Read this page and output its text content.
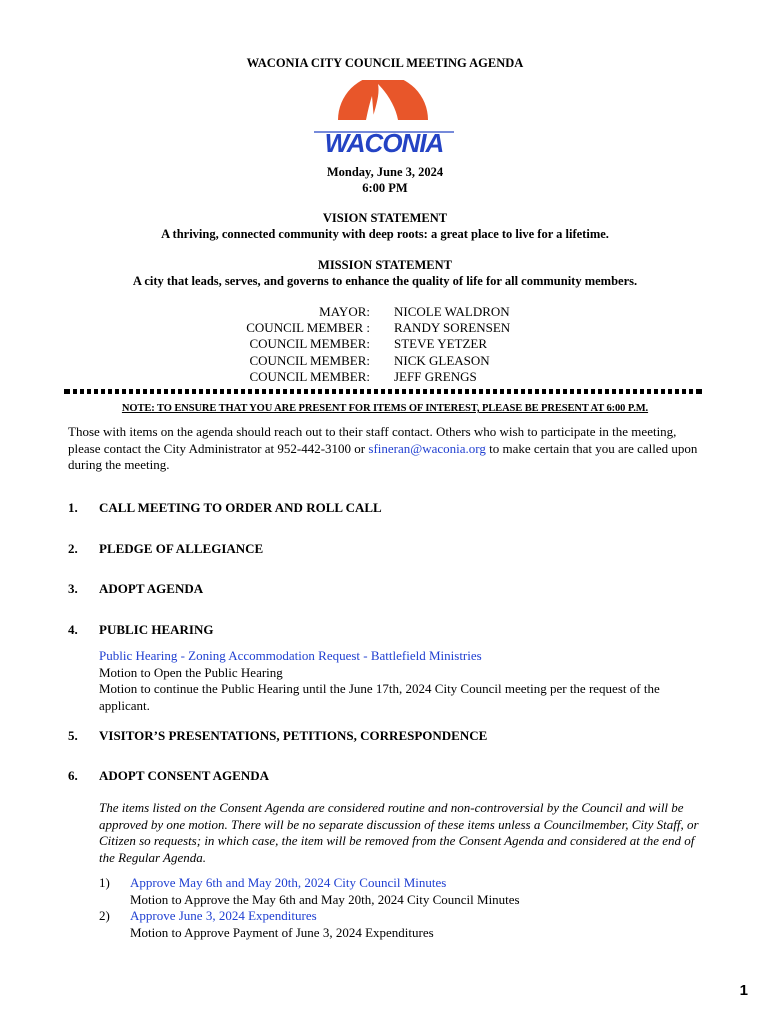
WACONIA CITY COUNCIL MEETING AGENDA
WACONIA
Monday, June 3, 2024
6:00 PM
VISION STATEMENT
A thriving, connected community with deep roots: a great place to live for a lifetime.
MISSION STATEMENT
A city that leads, serves, and governs to enhance the quality of life for all community members.
MAYOR: NICOLE WALDRON
COUNCIL MEMBER : RANDY SORENSEN
COUNCIL MEMBER: STEVE YETZER
COUNCIL MEMBER: NICK GLEASON
COUNCIL MEMBER: JEFF GRENGS
NOTE: TO ENSURE THAT YOU ARE PRESENT FOR ITEMS OF INTEREST, PLEASE BE PRESENT AT 6:00 P.M.
Those with items on the agenda should reach out to their staff contact. Others who wish to participate in the meeting, please contact the City Administrator at 952-442-3100 or sfineran@waconia.org to make certain that you are called upon during the meeting.
1. CALL MEETING TO ORDER AND ROLL CALL
2. PLEDGE OF ALLEGIANCE
3. ADOPT AGENDA
4. PUBLIC HEARING
Public Hearing - Zoning Accommodation Request - Battlefield Ministries
Motion to Open the Public Hearing
Motion to continue the Public Hearing until the June 17th, 2024 City Council meeting per the request of the applicant.
5. VISITOR’S PRESENTATIONS, PETITIONS, CORRESPONDENCE
6. ADOPT CONSENT AGENDA
The items listed on the Consent Agenda are considered routine and non-controversial by the Council and will be approved by one motion. There will be no separate discussion of these items unless a Councilmember, City Staff, or Citizen so requests; in which case, the item will be removed from the Consent Agenda and considered at the end of the Regular Agenda.
1) Approve May 6th and May 20th, 2024 City Council Minutes
Motion to Approve the May 6th and May 20th, 2024 City Council Minutes
2) Approve June 3, 2024 Expenditures
Motion to Approve Payment of June 3, 2024 Expenditures
1
